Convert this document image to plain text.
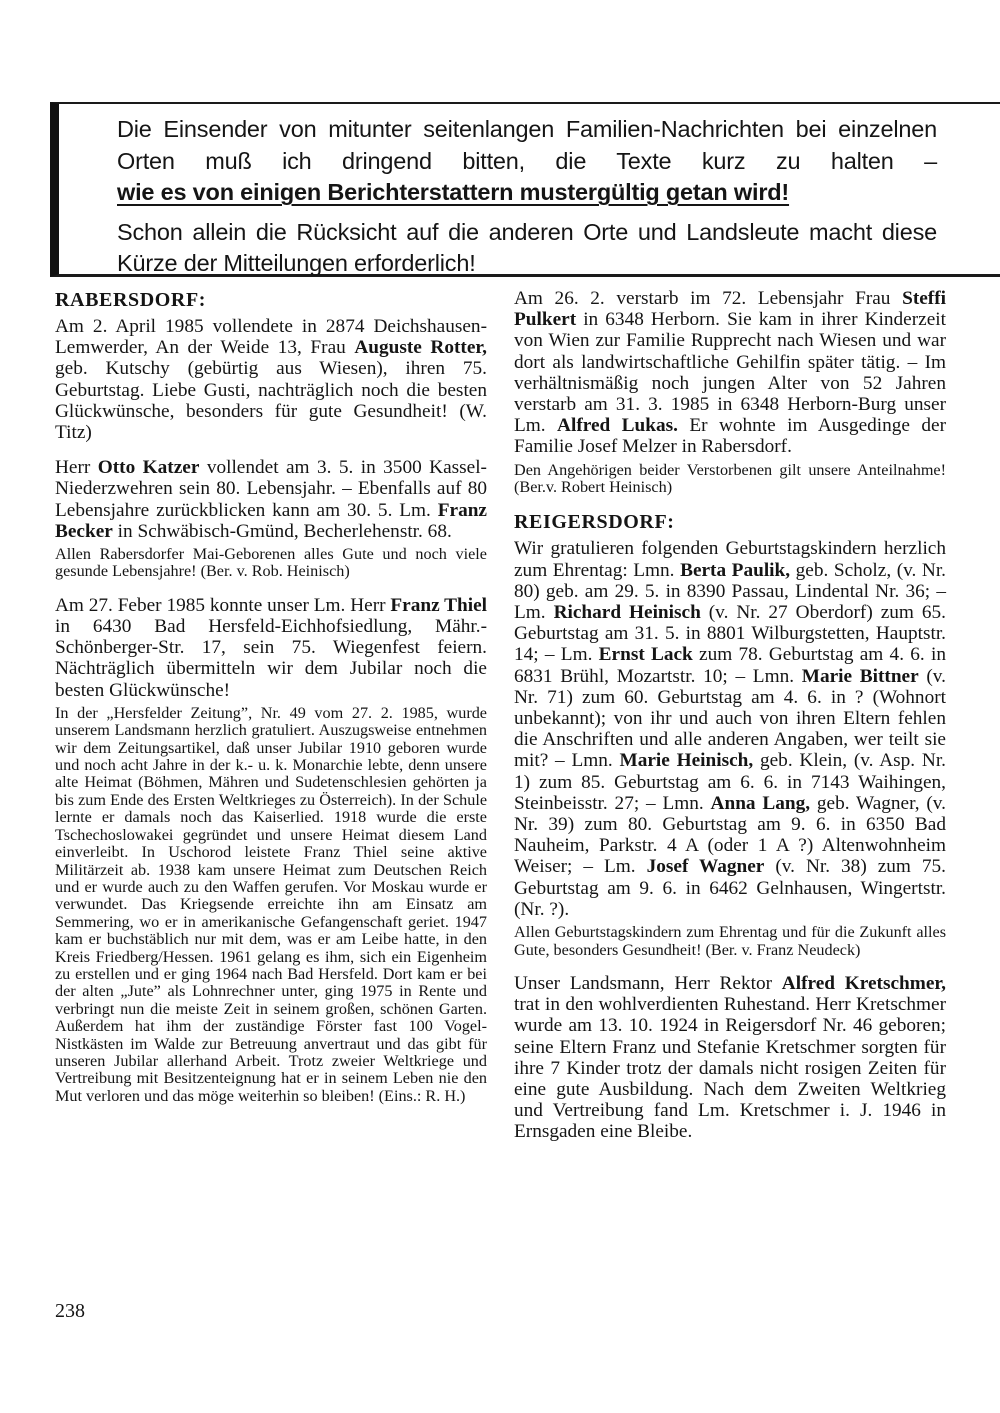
Die Einsender von mitunter seitenlangen Familien-Nachrichten bei einzelnen Orten muß ich dringend bitten, die Texte kurz zu halten –

wie es von einigen Berichterstattern mustergültig getan wird!

Schon allein die Rücksicht auf die anderen Orte und Landsleute macht diese Kürze der Mitteilungen erforderlich!

RABERSDORF:

Am 2. April 1985 vollendete in 2874 Deichshausen-Lemwerder, An der Weide 13, Frau Auguste Rotter, geb. Kutschy (gebürtig aus Wiesen), ihren 75. Geburtstag. Liebe Gusti, nachträglich noch die besten Glückwünsche, besonders für gute Gesundheit! (W. Titz)

Herr Otto Katzer vollendet am 3. 5. in 3500 Kassel-Niederzwehren sein 80. Lebensjahr. – Ebenfalls auf 80 Lebensjahre zurückblicken kann am 30. 5. Lm. Franz Becker in Schwäbisch-Gmünd, Becherlehenstr. 68.

Allen Rabersdorfer Mai-Geborenen alles Gute und noch viele gesunde Lebensjahre! (Ber. v. Rob. Heinisch)

Am 27. Feber 1985 konnte unser Lm. Herr Franz Thiel in 6430 Bad Hersfeld-Eichhofsiedlung, Mähr.-Schönberger-Str. 17, sein 75. Wiegenfest feiern. Nächträglich übermitteln wir dem Jubilar noch die besten Glückwünsche!

In der „Hersfelder Zeitung”, Nr. 49 vom 27. 2. 1985, wurde unserem Landsmann herzlich gratuliert. Auszugsweise entnehmen wir dem Zeitungsartikel, daß unser Jubilar 1910 geboren wurde und noch acht Jahre in der k.- u. k. Monarchie lebte, denn unsere alte Heimat (Böhmen, Mähren und Sudetenschlesien gehörten ja bis zum Ende des Ersten Weltkrieges zu Österreich). In der Schule lernte er damals noch das Kaiserlied. 1918 wurde die erste Tschechoslowakei gegründet und unsere Heimat diesem Land einverleibt. In Uschorod leistete Franz Thiel seine aktive Militärzeit ab. 1938 kam unsere Heimat zum Deutschen Reich und er wurde auch zu den Waffen gerufen. Vor Moskau wurde er verwundet. Das Kriegsende erreichte ihn am Einsatz am Semmering, wo er in amerikanische Gefangenschaft geriet. 1947 kam er buchstäblich nur mit dem, was er am Leibe hatte, in den Kreis Friedberg/Hessen. 1961 gelang es ihm, sich ein Eigenheim zu erstellen und er ging 1964 nach Bad Hersfeld. Dort kam er bei der alten „Jute” als Lohnrechner unter, ging 1975 in Rente und verbringt nun die meiste Zeit in seinem großen, schönen Garten. Außerdem hat ihm der zuständige Förster fast 100 Vogel-Nistkästen im Walde zur Betreuung anvertraut und das gibt für unseren Jubilar allerhand Arbeit. Trotz zweier Weltkriege und Vertreibung mit Besitzenteignung hat er in seinem Leben nie den Mut verloren und das möge weiterhin so bleiben! (Eins.: R. H.)

Am 26. 2. verstarb im 72. Lebensjahr Frau Steffi Pulkert in 6348 Herborn. Sie kam in ihrer Kinderzeit von Wien zur Familie Rupprecht nach Wiesen und war dort als landwirtschaftliche Gehilfin später tätig. – Im verhältnismäßig noch jungen Alter von 52 Jahren verstarb am 31. 3. 1985 in 6348 Herborn-Burg unser Lm. Alfred Lukas. Er wohnte im Ausgedinge der Familie Josef Melzer in Rabersdorf.

Den Angehörigen beider Verstorbenen gilt unsere Anteilnahme! (Ber.v. Robert Heinisch)

REIGERSDORF:

Wir gratulieren folgenden Geburtstagskindern herzlich zum Ehrentag: Lmn. Berta Paulik, geb. Scholz, (v. Nr. 80) geb. am 29. 5. in 8390 Passau, Lindental Nr. 36; – Lm. Richard Heinisch (v. Nr. 27 Oberdorf) zum 65. Geburtstag am 31. 5. in 8801 Wilburgstetten, Hauptstr. 14; – Lm. Ernst Lack zum 78. Geburtstag am 4. 6. in 6831 Brühl, Mozartstr. 10; – Lmn. Marie Bittner (v. Nr. 71) zum 60. Geburtstag am 4. 6. in ? (Wohnort unbekannt); von ihr und auch von ihren Eltern fehlen die Anschriften und alle anderen Angaben, wer teilt sie mit? – Lmn. Marie Heinisch, geb. Klein, (v. Asp. Nr. 1) zum 85. Geburtstag am 6. 6. in 7143 Waihingen, Steinbeisstr. 27; – Lmn. Anna Lang, geb. Wagner, (v. Nr. 39) zum 80. Geburtstag am 9. 6. in 6350 Bad Nauheim, Parkstr. 4 A (oder 1 A ?) Altenwohnheim Weiser; – Lm. Josef Wagner (v. Nr. 38) zum 75. Geburtstag am 9. 6. in 6462 Gelnhausen, Wingertstr. (Nr. ?).

Allen Geburtstagskindern zum Ehrentag und für die Zukunft alles Gute, besonders Gesundheit! (Ber. v. Franz Neudeck)

Unser Landsmann, Herr Rektor Alfred Kretschmer, trat in den wohlverdienten Ruhestand. Herr Kretschmer wurde am 13. 10. 1924 in Reigersdorf Nr. 46 geboren; seine Eltern Franz und Stefanie Kretschmer sorgten für ihre 7 Kinder trotz der damals nicht rosigen Zeiten für eine gute Ausbildung. Nach dem Zweiten Weltkrieg und Vertreibung fand Lm. Kretschmer i. J. 1946 in Ernsgaden eine Bleibe.

238
